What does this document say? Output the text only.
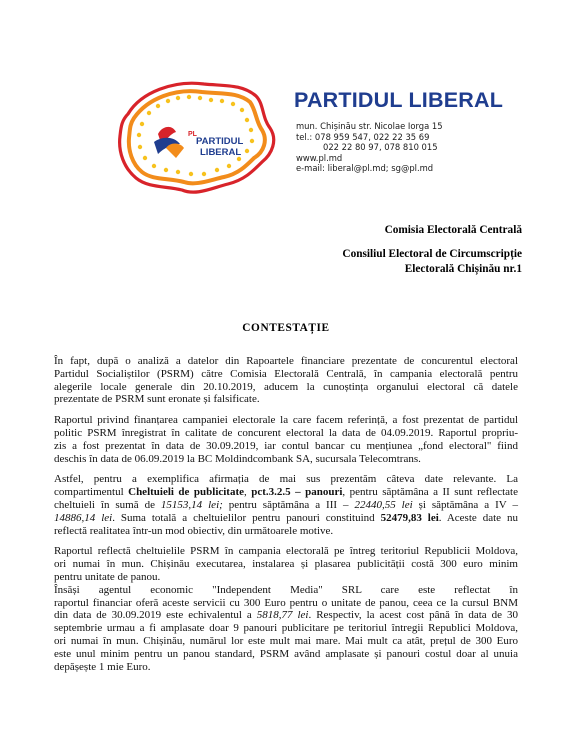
PL
PARTIDUL
LIBERAL
PARTIDUL LIBERAL
mun. Chișinău str. Nicolae Iorga 15
tel.: 078 959 547, 022 22 35 69
022 22 80 97, 078 810 015
www.pl.md
e-mail: liberal@pl.md; sg@pl.md
Comisia Electorală Centrală
Consiliul Electoral de Circumscripție
Electorală Chișinău nr.1
CONTESTAȚIE
În fapt, după o analiză a datelor din Rapoartele financiare prezentate de concurentul electoral
Partidul Socialiștilor (PSRM) către Comisia Electorală Centrală, în campania electorală pentru
alegerile locale generale din 20.10.2019, aducem la cunoștința organului electoral că datele
prezentate de PSRM sunt eronate și falsificate.
Raportul privind finanțarea campaniei electorale la care facem referință, a fost prezentat de partidul
politic PSRM înregistrat în calitate de concurent electoral la data de 04.09.2019. Raportul propriu-
zis a fost prezentat în data de 30.09.2019, iar contul bancar cu mențiunea „fond electoral" fiind
deschis în data de 06.09.2019 la BC Moldindcombank SA, sucursala Telecomtrans.
Astfel, pentru a exemplifica afirmația de mai sus prezentăm câteva date relevante. La
compartimentul Cheltuieli de publicitate, pct.3.2.5 – panouri, pentru săptămâna a II sunt reflectate
cheltuieli în sumă de 15153,14 lei; pentru săptămâna a III – 22440,55 lei și săptămâna a IV –
14886,14 lei. Suma totală a cheltuielilor pentru panouri constituind 52479,83 lei. Aceste date nu
reflectă realitatea într-un mod obiectiv, din următoarele motive.
Raportul reflectă cheltuielile PSRM în campania electorală pe întreg teritoriul Republicii Moldova,
ori numai în mun. Chișinău executarea, instalarea și plasarea publicității costă 300 euro minim
pentru unitate de panou.
Însăși agentul economic "Independent Media" SRL care este reflectat în
raportul financiar oferă aceste servicii cu 300 Euro pentru o unitate de panou, ceea ce la cursul BNM
din data de 30.09.2019 este echivalentul a 5818,77 lei. Respectiv, la acest cost până în data de 30
septembrie urmau a fi amplasate doar 9 panouri publicitare pe teritoriul întregii Republici Moldova,
ori numai în mun. Chișinău, numărul lor este mult mai mare. Mai mult ca atât, prețul de 300 Euro
este unul minim pentru un panou standard, PSRM având amplasate și panouri costul doar al unuia
depășește 1 mie Euro.
